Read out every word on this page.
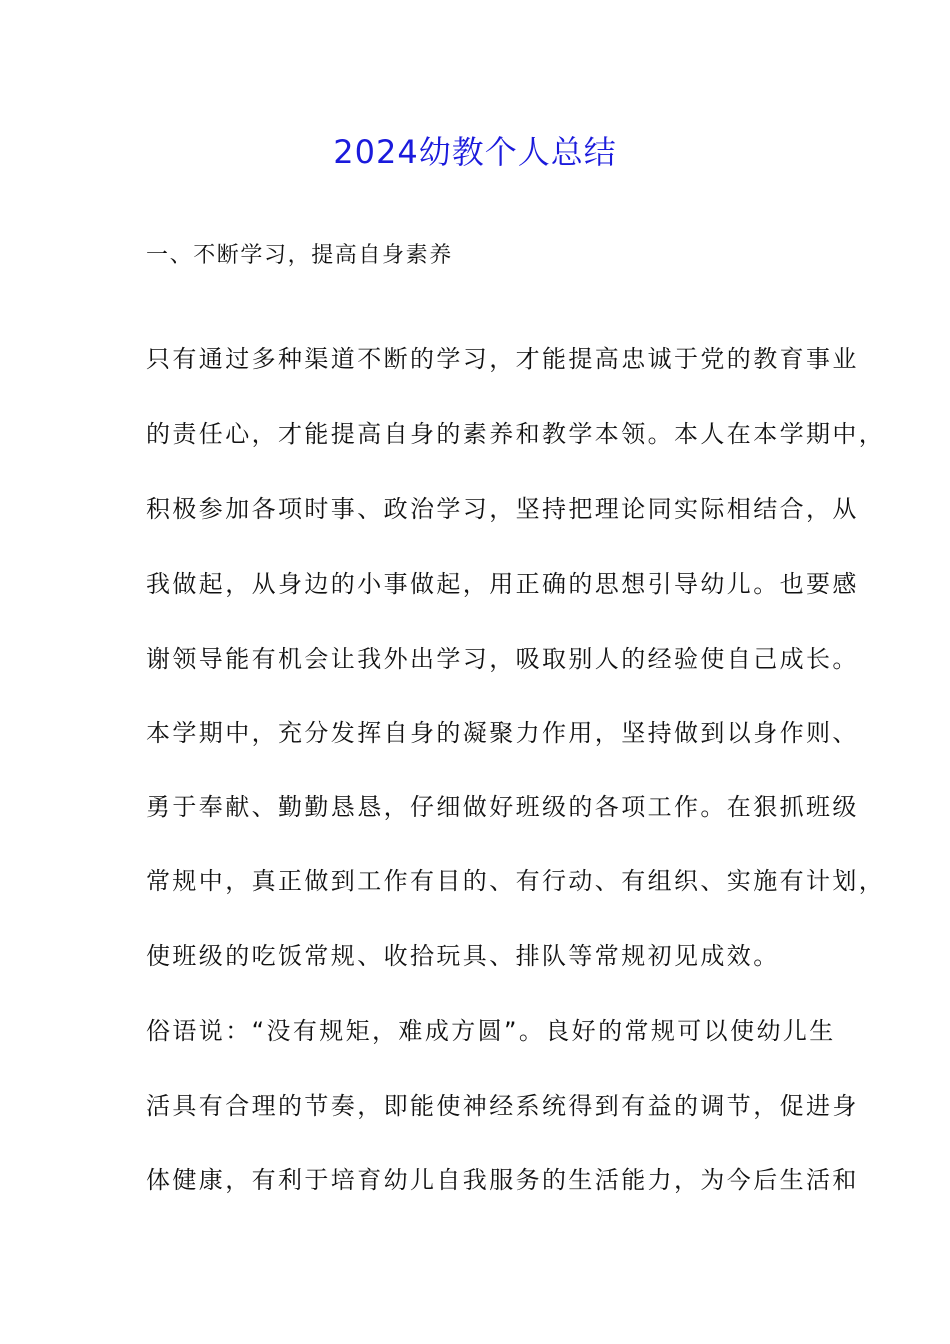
2024幼教个人总结
一、不断学习，提高自身素养
只有通过多种渠道不断的学习，才能提高忠诚于党的教育事业
的责任心，才能提高自身的素养和教学本领。本人在本学期中，
积极参加各项时事、政治学习，坚持把理论同实际相结合，从
我做起，从身边的小事做起，用正确的思想引导幼儿。也要感
谢领导能有机会让我外出学习，吸取别人的经验使自己成长。
本学期中，充分发挥自身的凝聚力作用，坚持做到以身作则、
勇于奉献、勤勤恳恳，仔细做好班级的各项工作。在狠抓班级
常规中，真正做到工作有目的、有行动、有组织、实施有计划，
使班级的吃饭常规、收拾玩具、排队等常规初见成效。
俗语说：“没有规矩，难成方圆”。良好的常规可以使幼儿生
活具有合理的节奏，即能使神经系统得到有益的调节，促进身
体健康，有利于培育幼儿自我服务的生活能力，为今后生活和
